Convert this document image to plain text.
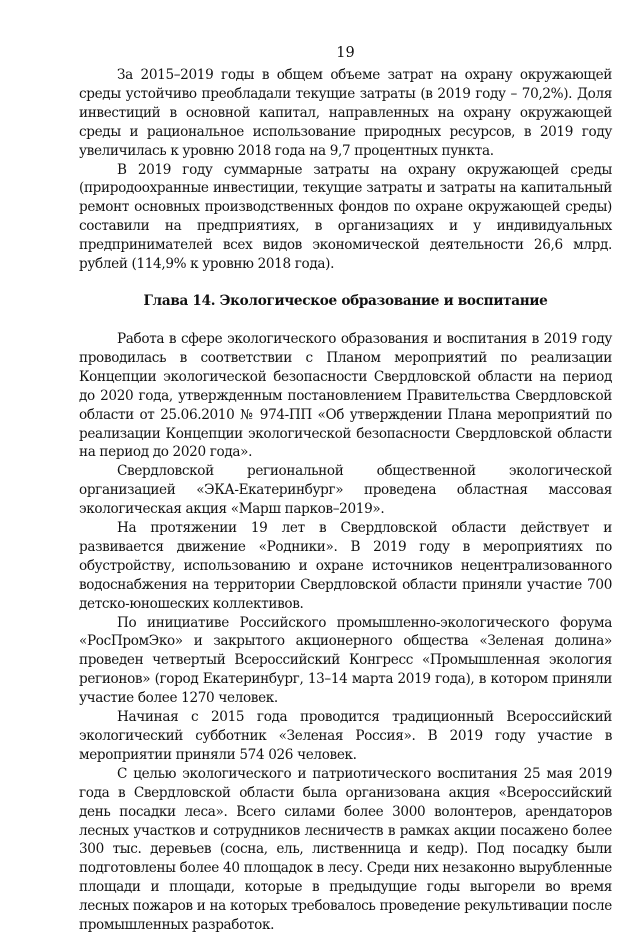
19

За 2015–2019 годы в общем объеме затрат на охрану окружающей среды устойчиво преобладали текущие затраты (в 2019 году – 70,2%). Доля инвестиций в основной капитал, направленных на охрану окружающей среды и рациональное использование природных ресурсов, в 2019 году увеличилась к уровню 2018 года на 9,7 процентных пункта.

В 2019 году суммарные затраты на охрану окружающей среды (природоохранные инвестиции, текущие затраты и затраты на капитальный ремонт основных производственных фондов по охране окружающей среды) составили на предприятиях, в организациях и у индивидуальных предпринимателей всех видов экономической деятельности 26,6 млрд. рублей (114,9% к уровню 2018 года).

Глава 14. Экологическое образование и воспитание

Работа в сфере экологического образования и воспитания в 2019 году проводилась в соответствии с Планом мероприятий по реализации Концепции экологической безопасности Свердловской области на период до 2020 года, утвержденным постановлением Правительства Свердловской области от 25.06.2010 № 974-ПП «Об утверждении Плана мероприятий по реализации Концепции экологической безопасности Свердловской области на период до 2020 года».

Свердловской региональной общественной экологической организацией «ЭКА-Екатеринбург» проведена областная массовая экологическая акция «Марш парков–2019».

На протяжении 19 лет в Свердловской области действует и развивается движение «Родники». В 2019 году в мероприятиях по обустройству, использованию и охране источников нецентрализованного водоснабжения на территории Свердловской области приняли участие 700 детско-юношеских коллективов.

По инициативе Российского промышленно-экологического форума «РосПромЭко» и закрытого акционерного общества «Зеленая долина» проведен четвертый Всероссийский Конгресс «Промышленная экология регионов» (город Екатеринбург, 13–14 марта 2019 года), в котором приняли участие более 1270 человек.

Начиная с 2015 года проводится традиционный Всероссийский экологический субботник «Зеленая Россия». В 2019 году участие в мероприятии приняли 574 026 человек.

С целью экологического и патриотического воспитания 25 мая 2019 года в Свердловской области была организована акция «Всероссийский день посадки леса». Всего силами более 3000 волонтеров, арендаторов лесных участков и сотрудников лесничеств в рамках акции посажено более 300 тыс. деревьев (сосна, ель, лиственница и кедр). Под посадку были подготовлены более 40 площадок в лесу. Среди них незаконно вырубленные площади и площади, которые в предыдущие годы выгорели во время лесных пожаров и на которых требовалось проведение рекультивации после промышленных разработок.
